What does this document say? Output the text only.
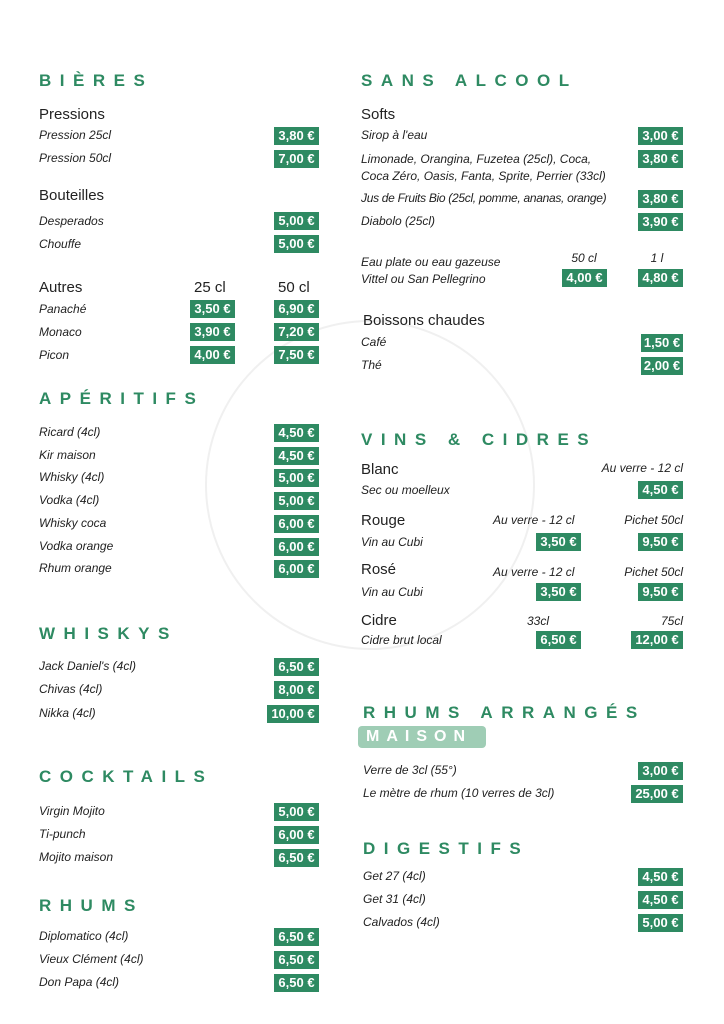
BIÈRES
Pressions
Pression 25cl	3,80 €
Pression 50cl	7,00 €
Bouteilles
Desperados	5,00 €
Chouffe	5,00 €
Autres	25 cl	50 cl
Panaché	3,50 €	6,90 €
Monaco	3,90 €	7,20 €
Picon	4,00 €	7,50 €
APÉRITIFS
WHISKYS
COCKTAILS
RHUMS
Ricard (4cl)	4,50 €
Kir maison	4,50 €
Whisky (4cl)	5,00 €
Vodka (4cl)	5,00 €
Whisky coca	6,00 €
Vodka orange	6,00 €
Rhum orange	6,00 €
Jack Daniel's (4cl)	6,50 €
Chivas (4cl)	8,00 €
Nikka (4cl)	10,00 €
Virgin Mojito	5,00 €
Ti-punch	6,00 €
Mojito maison	6,50 €
Diplomatico (4cl)	6,50 €
Vieux Clément (4cl)	6,50 €
Don Papa (4cl)	6,50 €
SANS ALCOOL
Softs
Sirop à l'eau	3,00 €
Limonade, Orangina, Fuzetea (25cl), Coca,
Coca Zéro, Oasis, Fanta, Sprite, Perrier (33cl)
3,80 €
Jus de Fruits Bio (25cl, pomme, ananas, orange)	3,80 €
Diabolo (25cl)	3,90 €
Eau plate ou eau gazeuse
Vittel ou San Pellegrino
50 cl	1 l
4,00 €	4,80 €
Boissons chaudes
Café	1,50 €
Thé	2,00 €
VINS & CIDRES
Blanc	Au verre - 12 cl
Sec ou moelleux	4,50 €
Rouge	Au verre - 12 cl	Pichet 50cl
Vin au Cubi	3,50 €	9,50 €
Rosé	Au verre - 12 cl	Pichet 50cl
Vin au Cubi	3,50 €	9,50 €
Cidre	33cl	75cl
Cidre brut local	6,50 €	12,00 €
RHUMS ARRANGÉS
MAISON
DIGESTIFS
Verre de 3cl (55°)	3,00 €
Le mètre de rhum (10 verres de 3cl)	25,00 €
Get 27 (4cl)	4,50 €
Get 31 (4cl)	4,50 €
Calvados (4cl)	5,00 €
